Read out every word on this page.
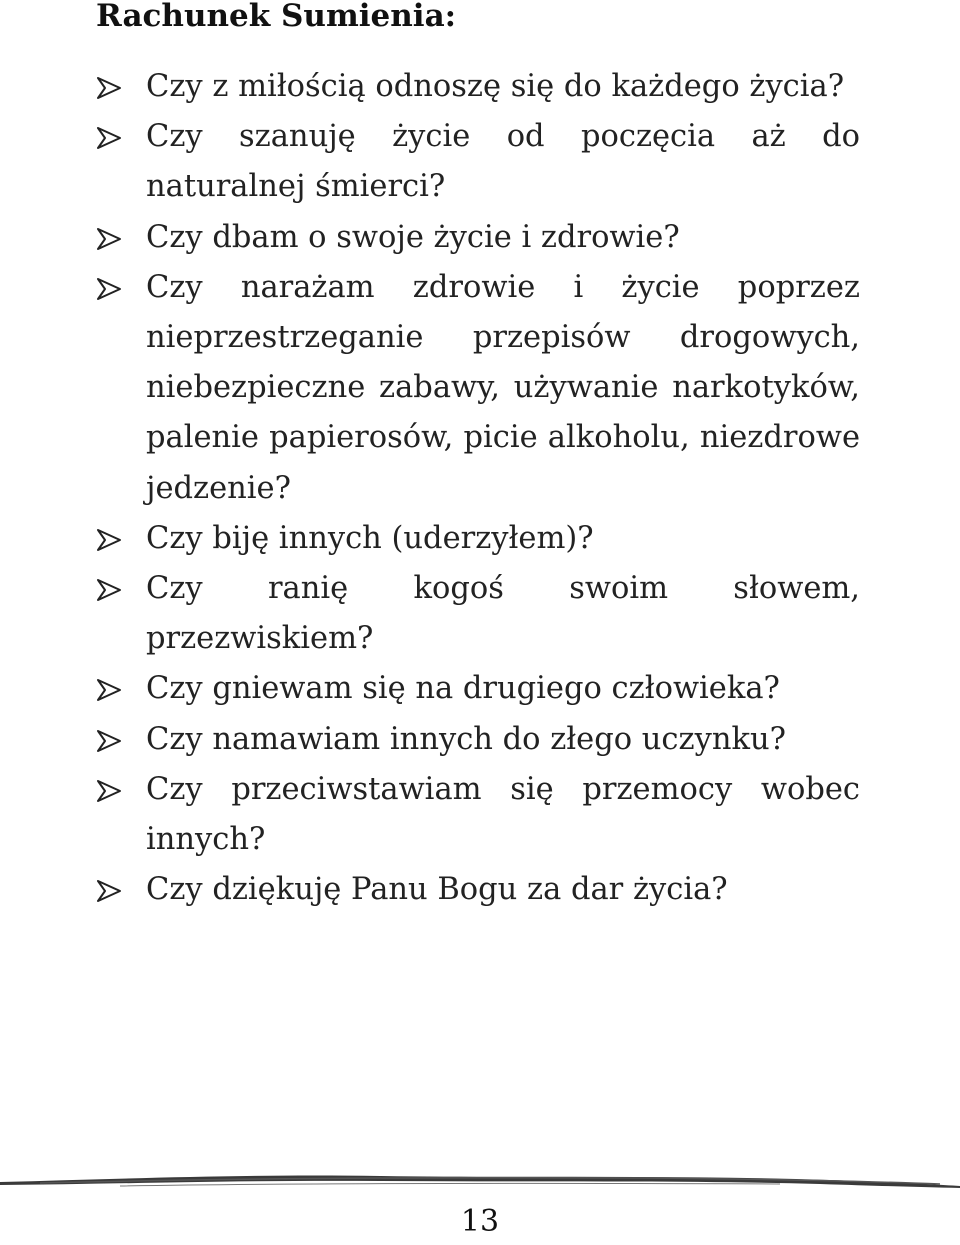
Rachunek Sumienia:
Czy z miłością odnoszę się do każdego życia?
Czy szanuję życie od poczęcia aż do naturalnej śmierci?
Czy dbam o swoje życie i zdrowie?
Czy narażam zdrowie i życie poprzez nieprzestrzeganie przepisów drogowych, niebezpieczne zabawy, używanie narkotyków, palenie papierosów, picie alkoholu, niezdrowe jedzenie?
Czy biję innych (uderzyłem)?
Czy ranię kogoś swoim słowem, przezwiskiem?
Czy gniewam się na drugiego człowieka?
Czy namawiam innych do złego uczynku?
Czy przeciwstawiam się przemocy wobec innych?
Czy dziękuję Panu Bogu za dar życia?
13
